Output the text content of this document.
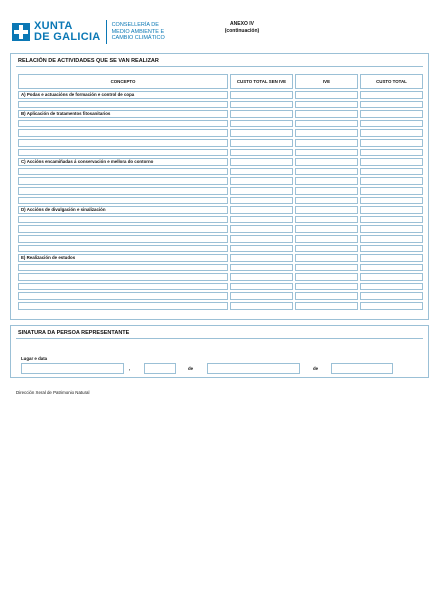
XUNTA
DE GALICIA
CONSELLERÍA DE
MEDIO AMBIENTE E
CAMBIO CLIMÁTICO
ANEXO IV
(continuación)
RELACIÓN DE ACTIVIDADES QUE SE VAN REALIZAR
CONCEPTO	CUSTO TOTAL SEN IVE	IVE	CUSTO TOTAL
A) Podas e actuacións de formación e control de copa			

B) Aplicación de tratamentos fitosanitarios			

C) Accións encamiñadas á conservación e mellora do contorno			

D) Accións de divulgación e sinalización			

E) Realización de estudos			

SINATURA DA PERSOA REPRESENTANTE
Lugar e data
,	de	de
Dirección Xeral de Patrimonio Natural
